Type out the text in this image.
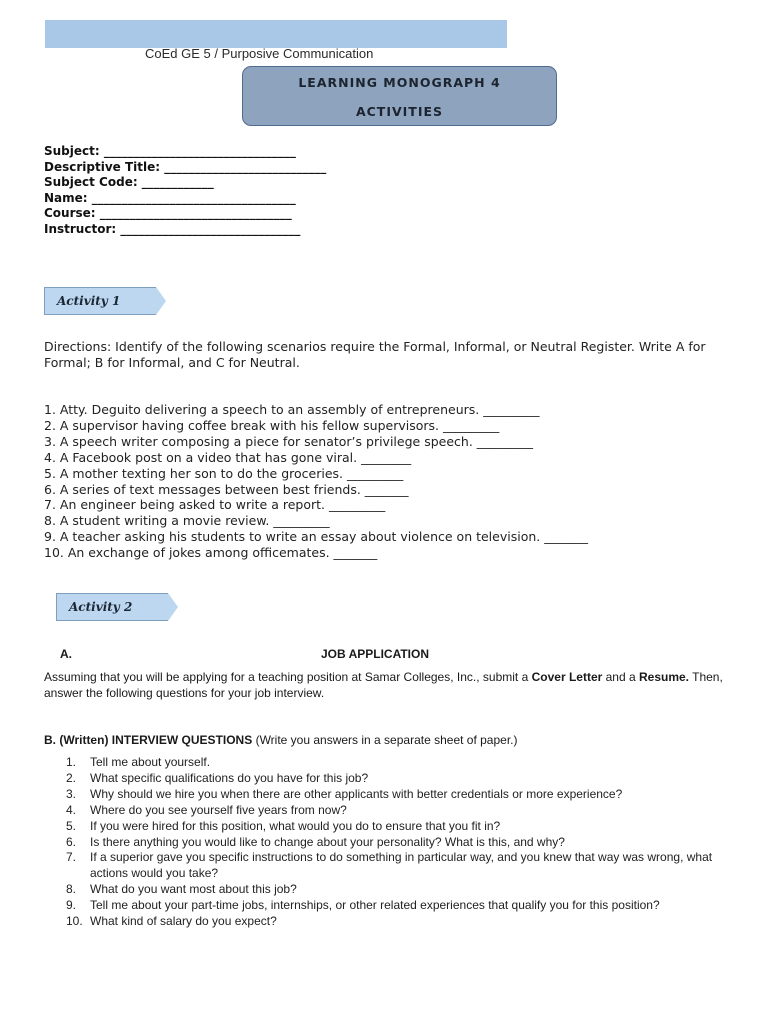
CoEd GE 5 / Purposive Communication
LEARNING MONOGRAPH 4
ACTIVITIES
Subject: ________________________________
Descriptive Title: ___________________________
Subject Code: ____________
Name: __________________________________
Course: ________________________________
Instructor: ______________________________
Activity 1
Directions: Identify of the following scenarios require the Formal, Informal, or Neutral Register. Write A for Formal; B for Informal, and C for Neutral.
1. Atty. Deguito delivering a speech to an assembly of entrepreneurs. _________
2. A supervisor having coffee break with his fellow supervisors. _________
3. A speech writer composing a piece for senator’s privilege speech. _________
4. A Facebook post on a video that has gone viral. ________
5. A mother texting her son to do the groceries. _________
6. A series of text messages between best friends. _______
7. An engineer being asked to write a report. _________
8. A student writing a movie review. _________
9. A teacher asking his students to write an essay about violence on television. _______
10. An exchange of jokes among officemates. _______
Activity 2
A.	JOB APPLICATION
Assuming that you will be applying for a teaching position at Samar Colleges, Inc., submit a Cover Letter and a Resume. Then, answer the following questions for your job interview.
B. (Written) INTERVIEW QUESTIONS (Write you answers in a separate sheet of paper.)
1.	Tell me about yourself.
2.	What specific qualifications do you have for this job?
3.	Why should we hire you when there are other applicants with better credentials or more experience?
4.	Where do you see yourself five years from now?
5.	If you were hired for this position, what would you do to ensure that you fit in?
6.	Is there anything you would like to change about your personality? What is this, and why?
7.	If a superior gave you specific instructions to do something in particular way, and you knew that way was wrong, what actions would you take?
8.	What do you want most about this job?
9.	Tell me about your part-time jobs, internships, or other related experiences that qualify you for this position?
10. What kind of salary do you expect?
